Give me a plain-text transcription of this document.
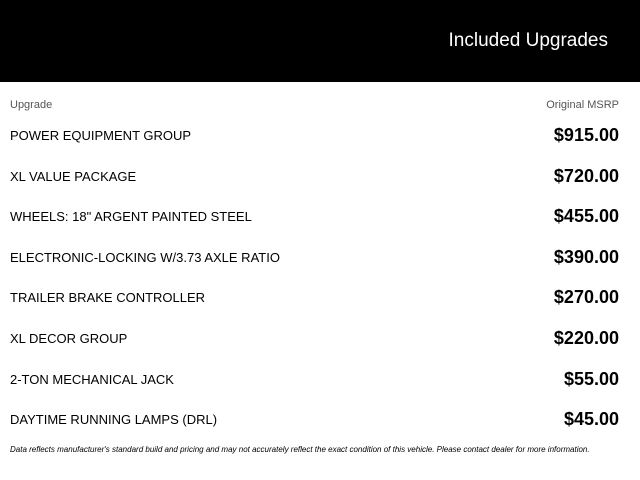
Included Upgrades
Upgrade	Original MSRP
POWER EQUIPMENT GROUP	$915.00
XL VALUE PACKAGE	$720.00
WHEELS: 18" ARGENT PAINTED STEEL	$455.00
ELECTRONIC-LOCKING W/3.73 AXLE RATIO	$390.00
TRAILER BRAKE CONTROLLER	$270.00
XL DECOR GROUP	$220.00
2-TON MECHANICAL JACK	$55.00
DAYTIME RUNNING LAMPS (DRL)	$45.00
Data reflects manufacturer's standard build and pricing and may not accurately reflect the exact condition of this vehicle. Please contact dealer for more information.
